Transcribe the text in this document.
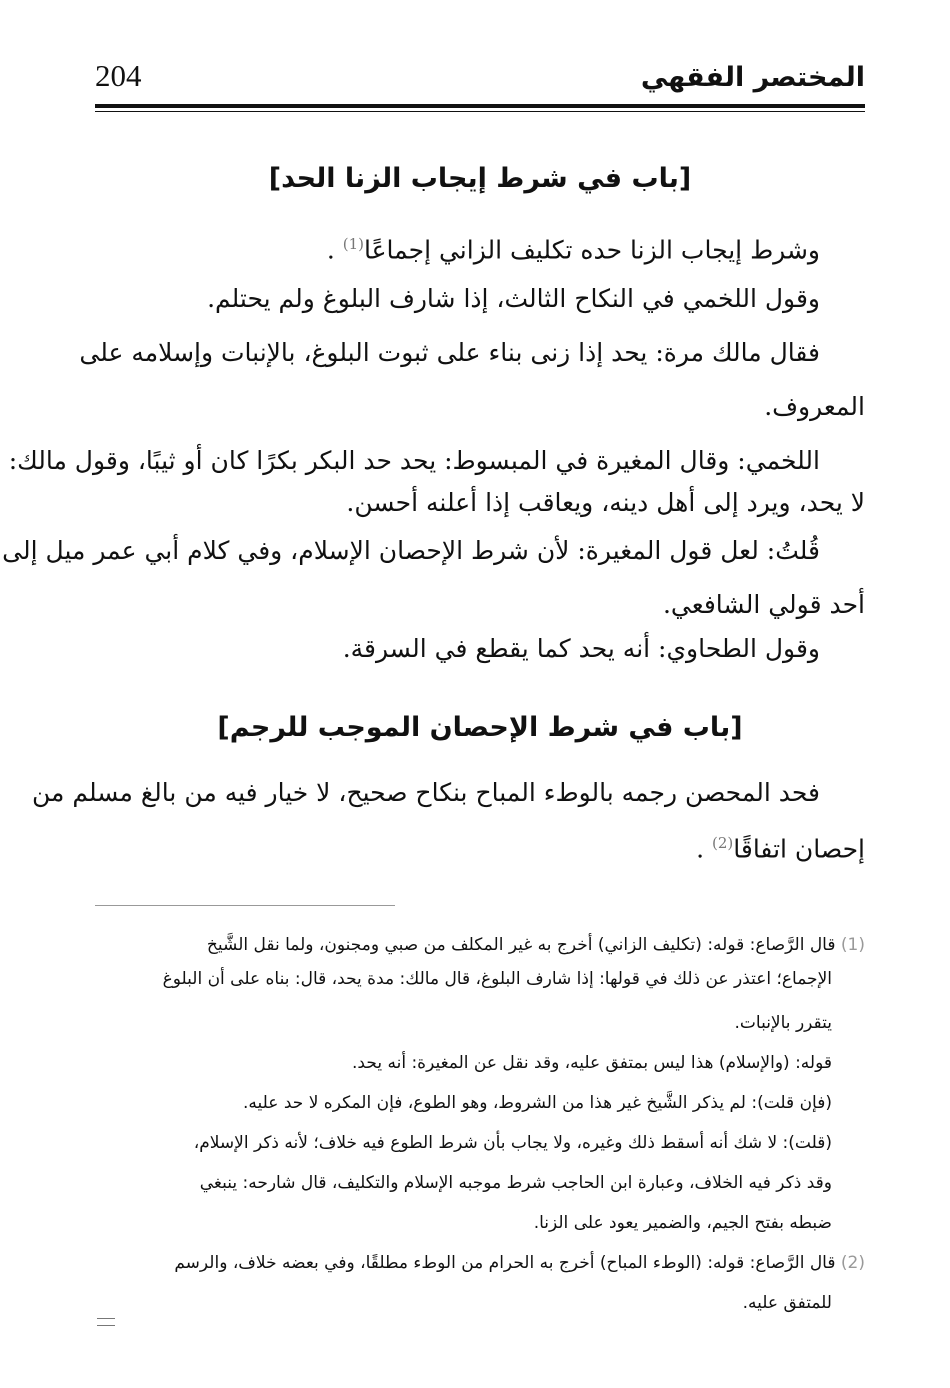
المختصر الفقهي
204
[باب في شرط إيجاب الزنا الحد]
وشرط إيجاب الزنا حده تكليف الزاني إجماعًا$^{(1)}$ .
وقول اللخمي في النكاح الثالث، إذا شارف البلوغ ولم يحتلم.
فقال مالك مرة: يحد إذا زنى بناء على ثبوت البلوغ، بالإنبات وإسلامه على
المعروف.
اللخمي: وقال المغيرة في المبسوط: يحد حد البكر بكرًا كان أو ثيبًا، وقول مالك:
لا يحد، ويرد إلى أهل دينه، ويعاقب إذا أعلنه أحسن.
قُلتُ: لعل قول المغيرة: لأن شرط الإحصان الإسلام، وفي كلام أبي عمر ميل إلى
أحد قولي الشافعي.
وقول الطحاوي: أنه يحد كما يقطع في السرقة.
[باب في شرط الإحصان الموجب للرجم]
فحد المحصن رجمه بالوطء المباح بنكاح صحيح، لا خيار فيه من بالغ مسلم من
إحصان اتفاقًا$^{(2)}$ .
(1) قال الرَّصاع: قوله: (تكليف الزاني) أخرج به غير المكلف من صبي ومجنون، ولما نقل الشَّيخ
الإجماع؛ اعتذر عن ذلك في قولها: إذا شارف البلوغ، قال مالك: مدة يحد، قال: بناه على أن البلوغ
يتقرر بالإنبات.
قوله: (والإسلام) هذا ليس بمتفق عليه، وقد نقل عن المغيرة: أنه يحد.
(فإن قلت): لم يذكر الشَّيخ غير هذا من الشروط، وهو الطوع، فإن المكره لا حد عليه.
(قلت): لا شك أنه أسقط ذلك وغيره، ولا يجاب بأن شرط الطوع فيه خلاف؛ لأنه ذكر الإسلام،
وقد ذكر فيه الخلاف، وعبارة ابن الحاجب شرط موجبه الإسلام والتكليف، قال شارحه: ينبغي
ضبطه بفتح الجيم، والضمير يعود على الزنا.
(2) قال الرَّصاع: قوله: (الوطء المباح) أخرج به الحرام من الوطء مطلقًا، وفي بعضه خلاف، والرسم
للمتفق عليه.
